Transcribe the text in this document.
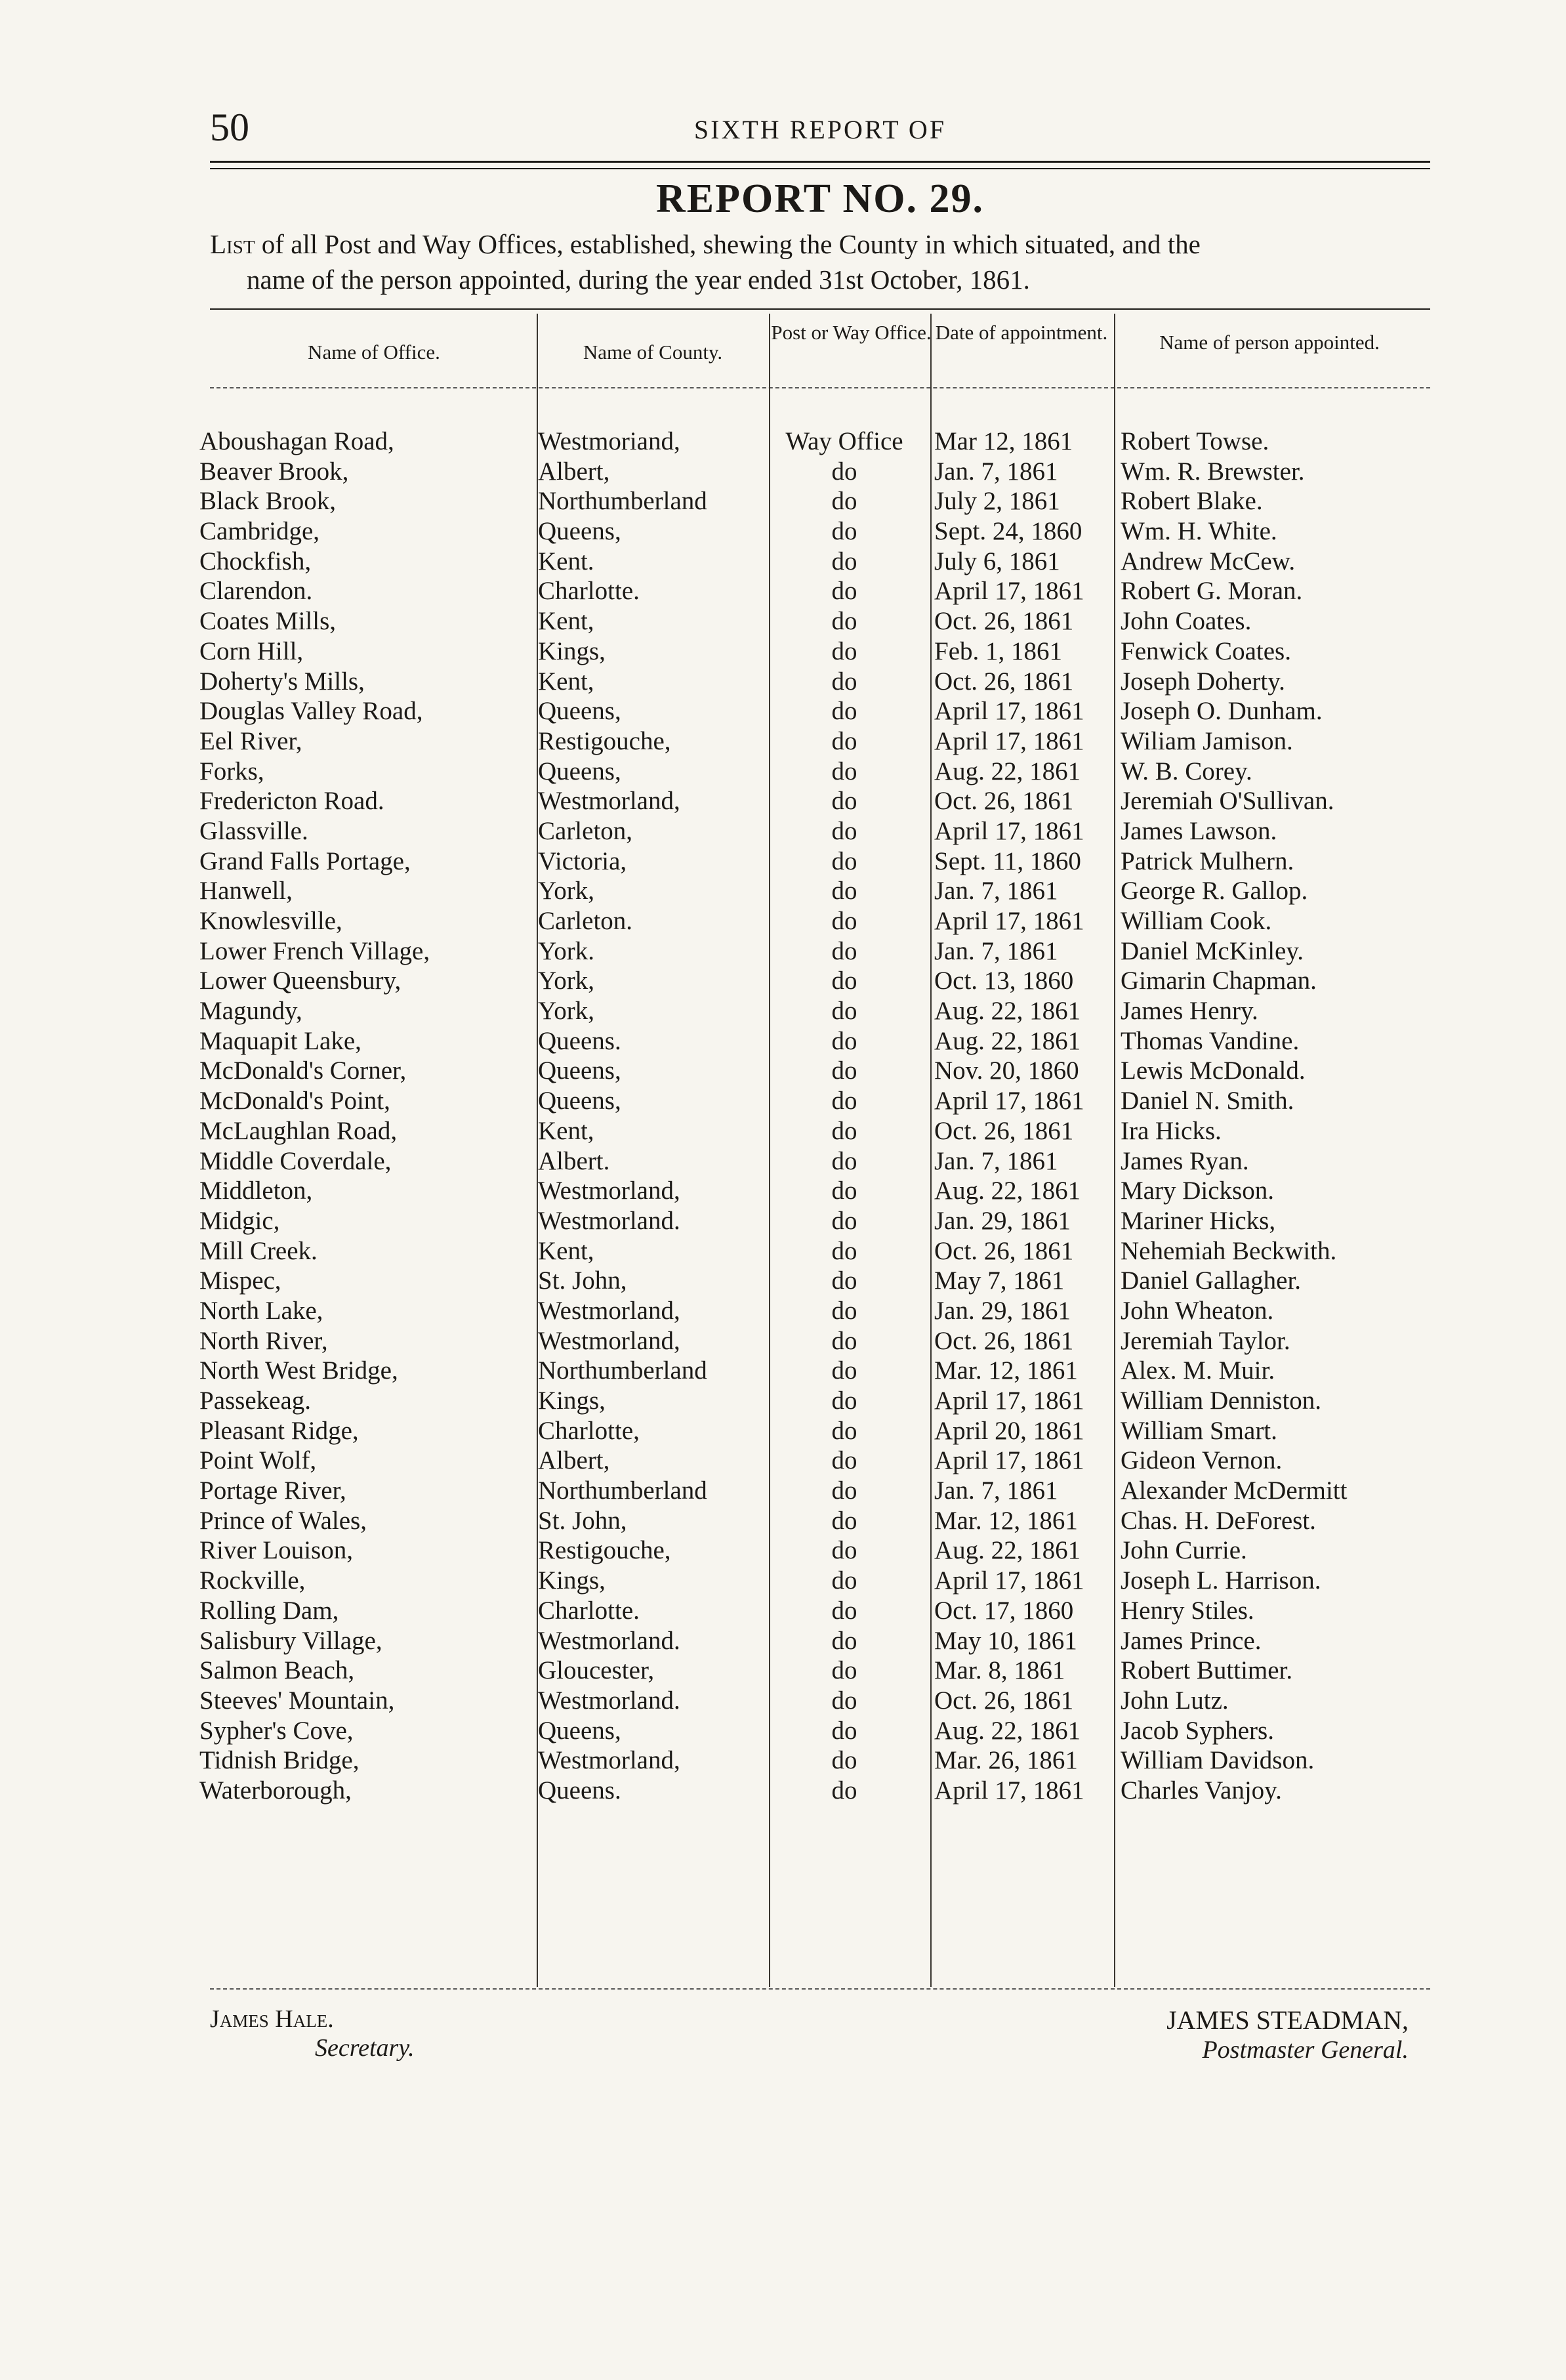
50	SIXTH REPORT OF
REPORT NO. 29.
List of all Post and Way Offices, established, shewing the County in which situated, and the
name of the person appointed, during the year ended 31st October, 1861.
Name of Office.	Name of County.
Post or Way Office. Date of appointment.	Name of person appointed.
Aboushagan Road,	Westmoriand,	Way Office	Mar 12, 1861 Robert Towse.
Beaver Brook,	Albert,	do	Jan. 7, 1861 Wm. R. Brewster.
Black Brook,	Northumberland	do	July 2, 1861 Robert Blake.
Cambridge,	Queens,	do	Sept. 24, 1860 Wm. H. White.
Chockfish,	Kent.	do	July 6, 1861 Andrew McCew.
Clarendon.	Charlotte.	do	April 17, 1861 Robert G. Moran.
Coates Mills,	Kent,	do	Oct. 26, 1861 John Coates.
Corn Hill,	Kings,	do	Feb. 1, 1861 Fenwick Coates.
Doherty's Mills,	Kent,	do	Oct. 26, 1861 Joseph Doherty.
Douglas Valley Road,	Queens,	do	April 17, 1861 Joseph O. Dunham.
Eel River,	Restigouche,	do	April 17, 1861 Wiliam Jamison.
Forks,	Queens,	do	Aug. 22, 1861 W. B. Corey.
Fredericton Road.	Westmorland,	do	Oct. 26, 1861 Jeremiah O'Sullivan.
Glassville.	Carleton,	do	April 17, 1861 James Lawson.
Grand Falls Portage,	Victoria,	do	Sept. 11, 1860 Patrick Mulhern.
Hanwell,	York,	do	Jan. 7, 1861 George R. Gallop.
Knowlesville,	Carleton.	do	April 17, 1861 William Cook.
Lower French Village,	York.	do	Jan. 7, 1861 Daniel McKinley.
Lower Queensbury,	York,	do	Oct. 13, 1860 Gimarin Chapman.
Magundy,	York,	do	Aug. 22, 1861 James Henry.
Maquapit Lake,	Queens.	do	Aug. 22, 1861 Thomas Vandine.
McDonald's Corner,	Queens,	do	Nov. 20, 1860 Lewis McDonald.
McDonald's Point,	Queens,	do	April 17, 1861 Daniel N. Smith.
McLaughlan Road,	Kent,	do	Oct. 26, 1861 Ira Hicks.
Middle Coverdale,	Albert.	do	Jan. 7, 1861 James Ryan.
Middleton,	Westmorland,	do	Aug. 22, 1861 Mary Dickson.
Midgic,	Westmorland.	do	Jan. 29, 1861 Mariner Hicks,
Mill Creek.	Kent,	do	Oct. 26, 1861 Nehemiah Beckwith.
Mispec,	St. John,	do	May 7, 1861 Daniel Gallagher.
North Lake,	Westmorland,	do	Jan. 29, 1861 John Wheaton.
North River,	Westmorland,	do	Oct. 26, 1861 Jeremiah Taylor.
North West Bridge,	Northumberland	do	Mar. 12, 1861 Alex. M. Muir.
Passekeag.	Kings,	do	April 17, 1861 William Denniston.
Pleasant Ridge,	Charlotte,	do	April 20, 1861 William Smart.
Point Wolf,	Albert,	do	April 17, 1861 Gideon Vernon.
Portage River,	Northumberland	do	Jan. 7, 1861 Alexander McDermitt
Prince of Wales,	St. John,	do	Mar. 12, 1861 Chas. H. DeForest.
River Louison,	Restigouche,	do	Aug. 22, 1861 John Currie.
Rockville,	Kings,	do	April 17, 1861 Joseph L. Harrison.
Rolling Dam,	Charlotte.	do	Oct. 17, 1860 Henry Stiles.
Salisbury Village,	Westmorland.	do	May 10, 1861 James Prince.
Salmon Beach,	Gloucester,	do	Mar. 8, 1861 Robert Buttimer.
Steeves' Mountain,	Westmorland.	do	Oct. 26, 1861 John Lutz.
Sypher's Cove,	Queens,	do	Aug. 22, 1861 Jacob Syphers.
Tidnish Bridge,	Westmorland,	do	Mar. 26, 1861 William Davidson.
Waterborough,	Queens.	do	April 17, 1861 Charles Vanjoy.
James Hale.
Secretary.
JAMES STEADMAN,
Postmaster General.
